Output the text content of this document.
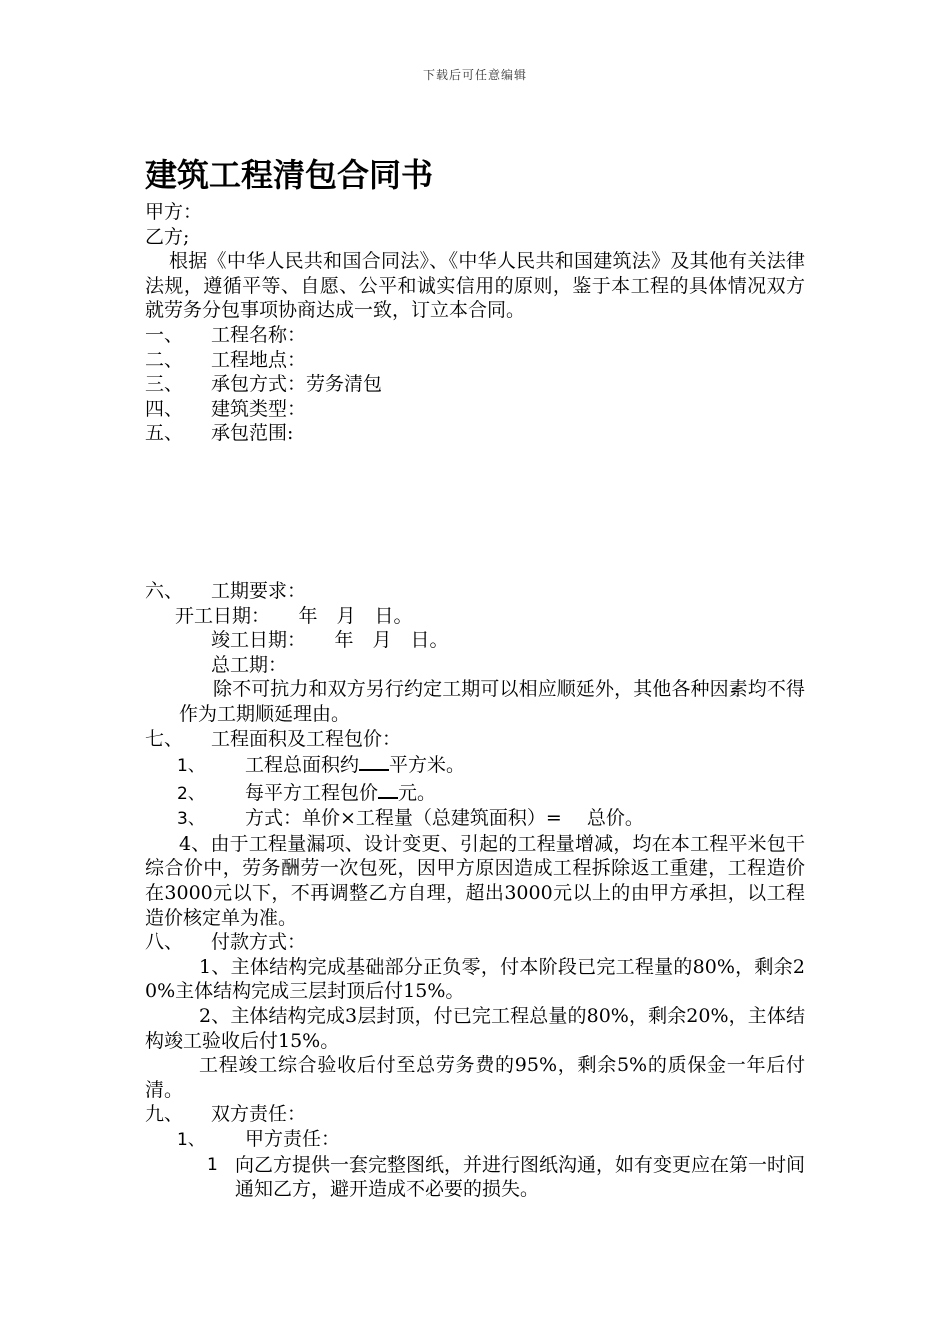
下载后可任意编辑
建筑工程清包合同书
甲方：
乙方;
根据《中华人民共和国合同法》、《中华人民共和国建筑法》及其他有关法律法规，遵循平等、自愿、公平和诚实信用的原则，鉴于本工程的具体情况双方就劳务分包事项协商达成一致，订立本合同。
一、 工程名称：
二、 工程地点：
三、 承包方式：劳务清包
四、 建筑类型：
五、 承包范围:
六、 工期要求：
开工日期：　　年　月　日。
竣工日期：　　年　月　日。
总工期：
除不可抗力和双方另行约定工期可以相应顺延外，其他各种因素均不得作为工期顺延理由。
七、 工程面积及工程包价：
1、 工程总面积约 平方米。
2、 每平方工程包价 元。
3、 方式：单价×工程量（总建筑面积）=　 总价。
4、由于工程量漏项、设计变更、引起的工程量增减，均在本工程平米包干综合价中，劳务酬劳一次包死，因甲方原因造成工程拆除返工重建，工程造价在3000元以下，不再调整乙方自理，超出3000元以上的由甲方承担，以工程造价核定单为准。
八、 付款方式：
1、主体结构完成基础部分正负零，付本阶段已完工程量的80%，剩余20%主体结构完成三层封顶后付15%。
2、主体结构完成3层封顶，付已完工程总量的80%，剩余20%，主体结构竣工验收后付15%。
工程竣工综合验收后付至总劳务费的95%，剩余5%的质保金一年后付清。
九、 双方责任：
1、 甲方责任：
1 向乙方提供一套完整图纸，并进行图纸沟通，如有变更应在第一时间通知乙方，避开造成不必要的损失。
